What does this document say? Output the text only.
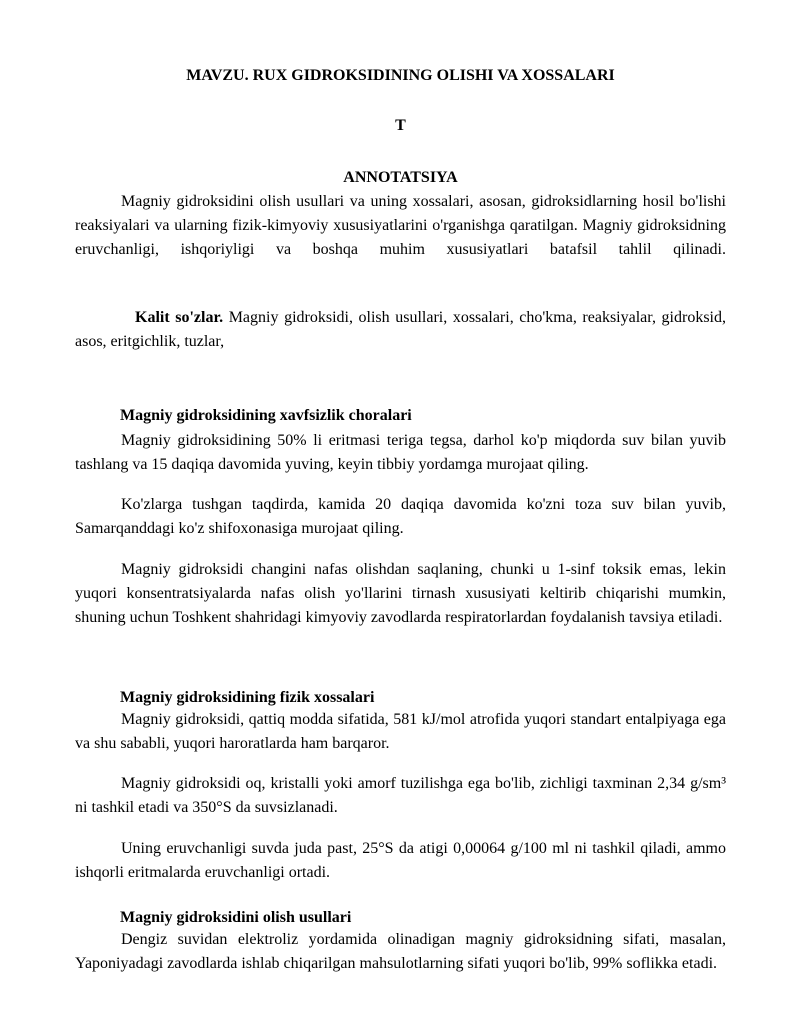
MAVZU. RUX GIDROKSIDINING OLISHI VA XOSSALARI

T

ANNOTATSIYA

Magniy gidroksidini olish usullari va uning xossalari, asosan, gidroksidlarning hosil bo'lishi reaksiyalari va ularning fizik-kimyoviy xususiyatlarini o'rganishga qaratilgan. Magniy gidroksidning eruvchanligi, ishqoriyligi va boshqa muhim xususiyatlari batafsil tahlil qilinadi.

Kalit so'zlar. Magniy gidroksidi, olish usullari, xossalari, cho'kma, reaksiyalar, gidroksid, asos, eritgichlik, tuzlar,

Magniy gidroksidining xavfsizlik choralari

Magniy gidroksidining 50% li eritmasi teriga tegsa, darhol ko'p miqdorda suv bilan yuvib tashlang va 15 daqiqa davomida yuving, keyin tibbiy yordamga murojaat qiling.

Ko'zlarga tushgan taqdirda, kamida 20 daqiqa davomida ko'zni toza suv bilan yuvib, Samarqanddagi ko'z shifoxonasiga murojaat qiling.

Magniy gidroksidi changini nafas olishdan saqlaning, chunki u 1-sinf toksik emas, lekin yuqori konsentratsiyalarda nafas olish yo'llarini tirnash xususiyati keltirib chiqarishi mumkin, shuning uchun Toshkent shahridagi kimyoviy zavodlarda respiratorlardan foydalanish tavsiya etiladi.

Magniy gidroksidining fizik xossalari

Magniy gidroksidi, qattiq modda sifatida, 581 kJ/mol atrofida yuqori standart entalpiyaga ega va shu sababli, yuqori haroratlarda ham barqaror.

Magniy gidroksidi oq, kristalli yoki amorf tuzilishga ega bo'lib, zichligi taxminan 2,34 g/sm³ ni tashkil etadi va 350°S da suvsizlanadi.

Uning eruvchanligi suvda juda past, 25°S da atigi 0,00064 g/100 ml ni tashkil qiladi, ammo ishqorli eritmalarda eruvchanligi ortadi.

Magniy gidroksidini olish usullari

Dengiz suvidan elektroliz yordamida olinadigan magniy gidroksidning sifati, masalan, Yaponiyadagi zavodlarda ishlab chiqarilgan mahsulotlarning sifati yuqori bo'lib, 99% soflikka etadi.
